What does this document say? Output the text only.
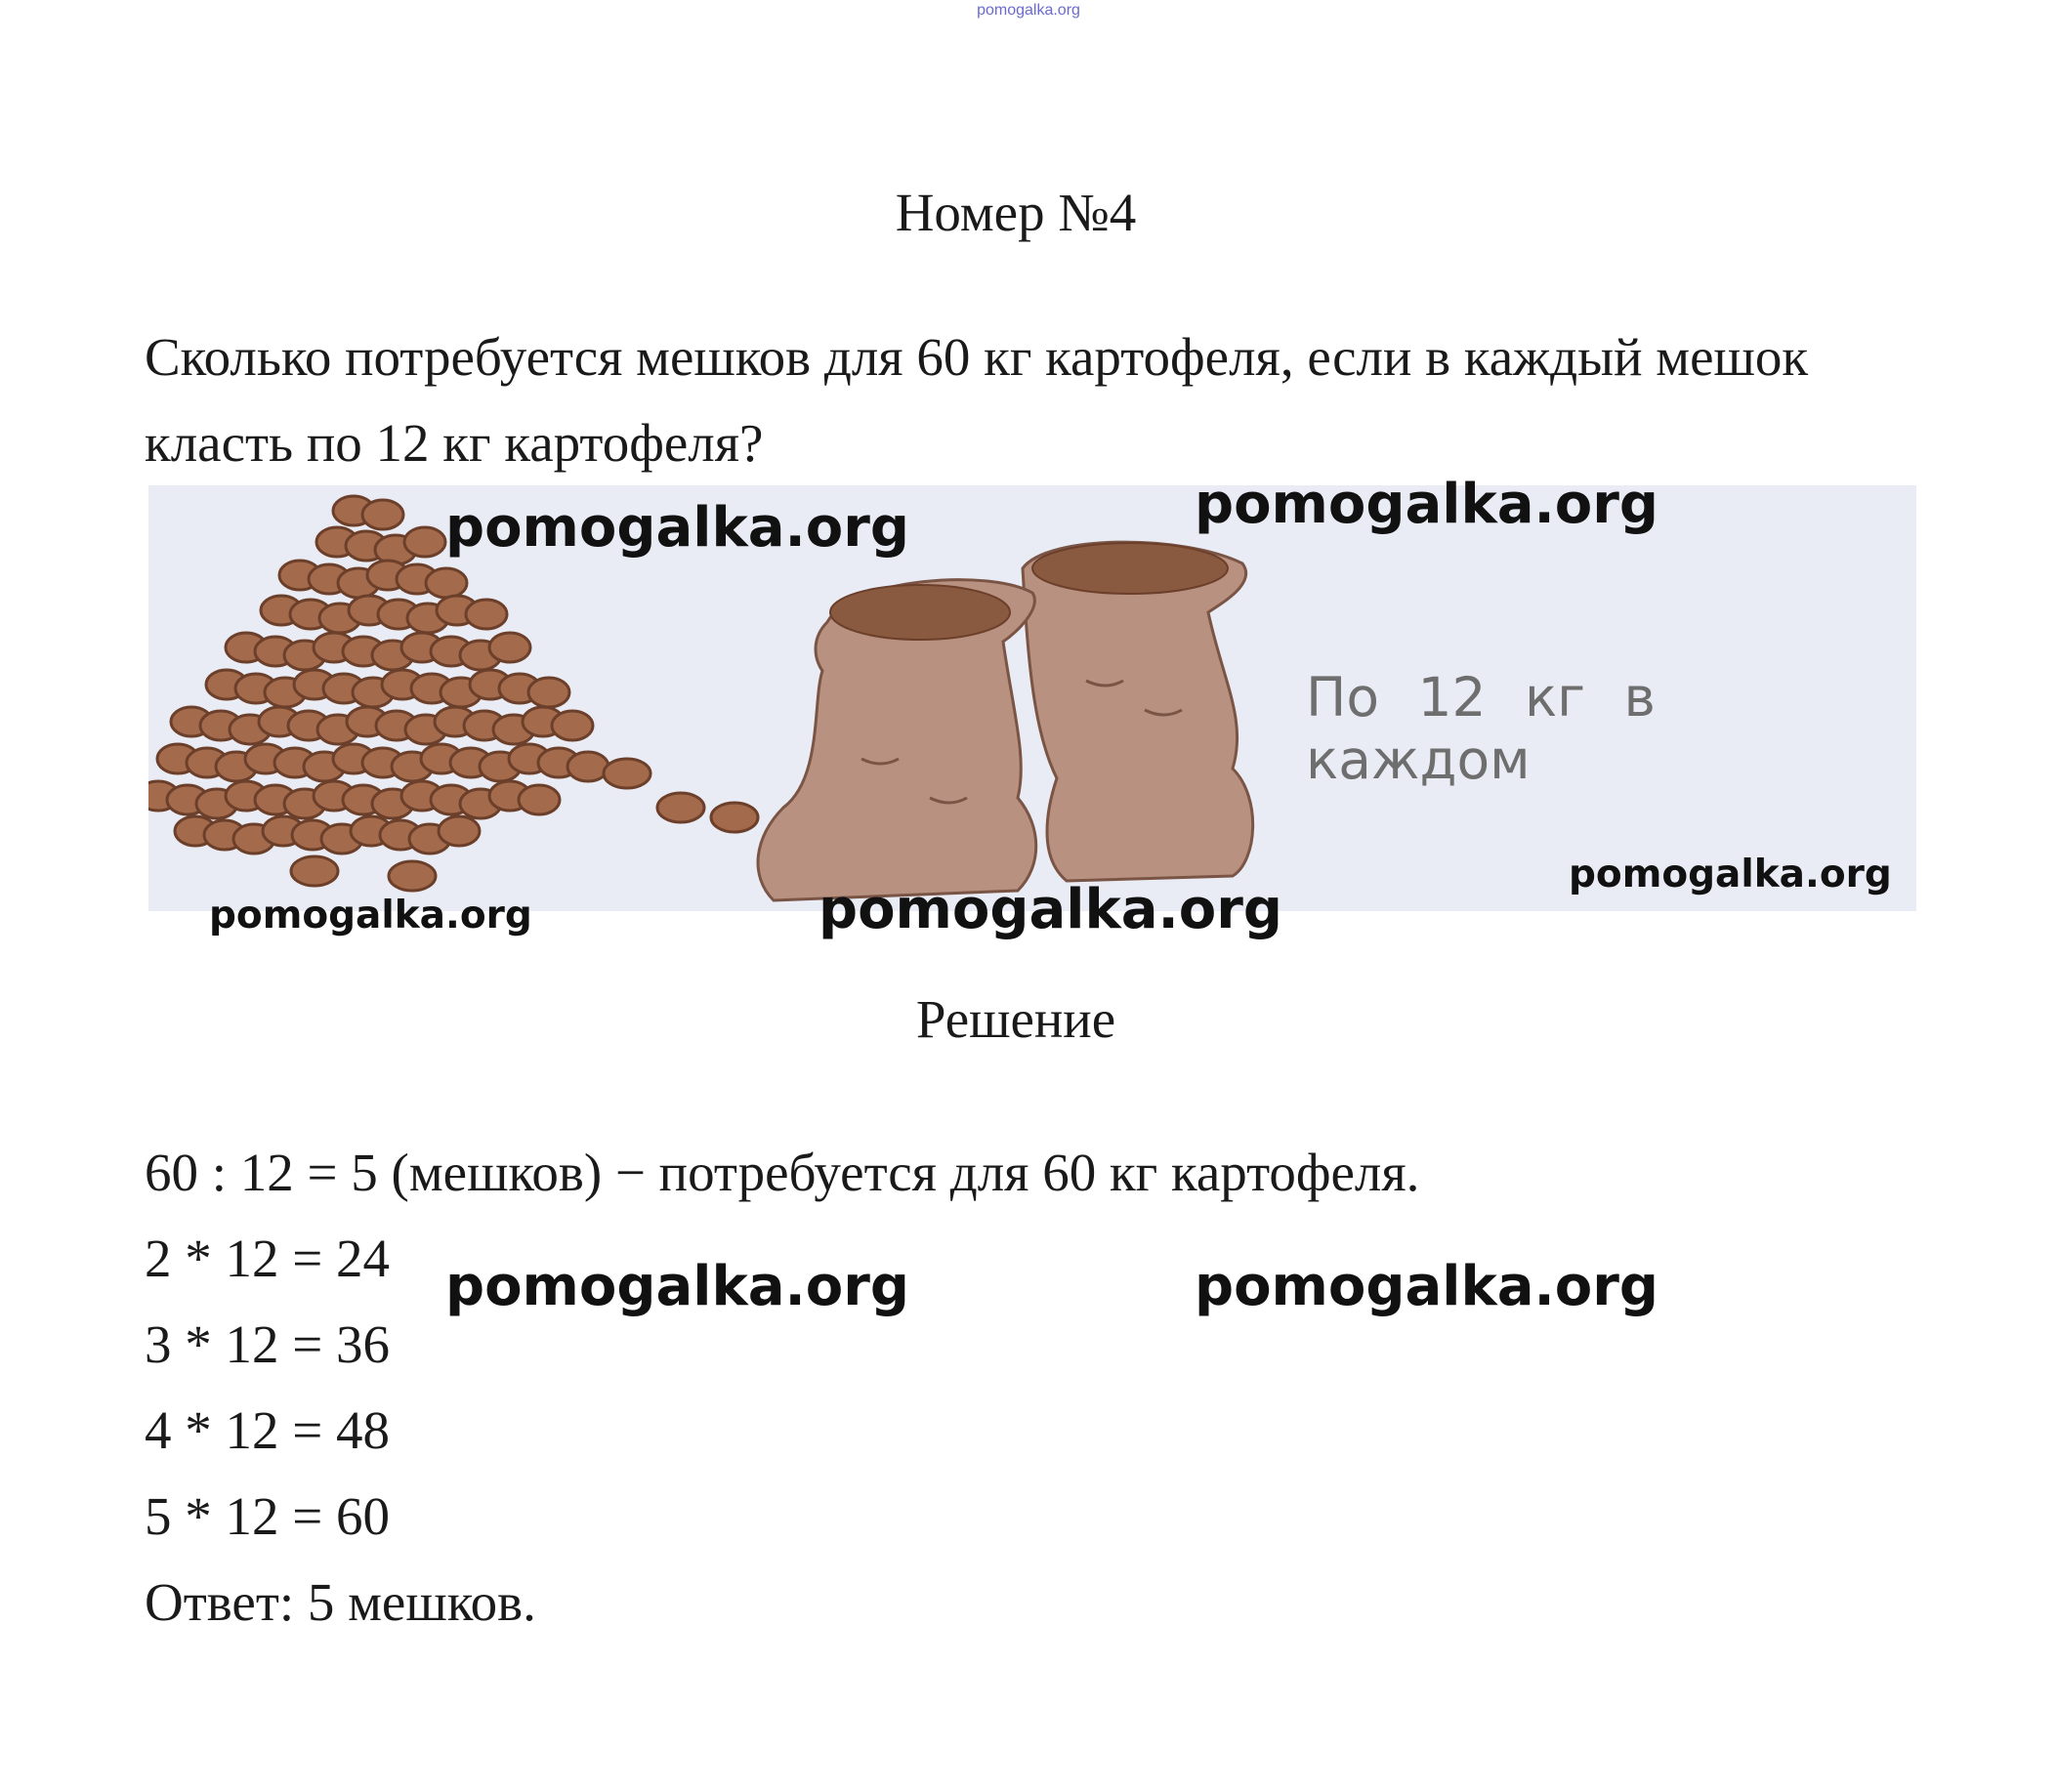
pomogalka.org
Номер №4
Сколько потребуется мешков для 60 кг картофеля, если в каждый мешок класть по 12 кг картофеля?
По 12 кг в каждом
pomogalka.org	pomogalka.org
pomogalka.org
pomogalka.org	pomogalka.org
Решение
60 : 12 = 5 (мешков) − потребуется для 60 кг картофеля.
2 * 12 = 24
3 * 12 = 36
4 * 12 = 48
5 * 12 = 60
Ответ: 5 мешков.
pomogalka.org	pomogalka.org
